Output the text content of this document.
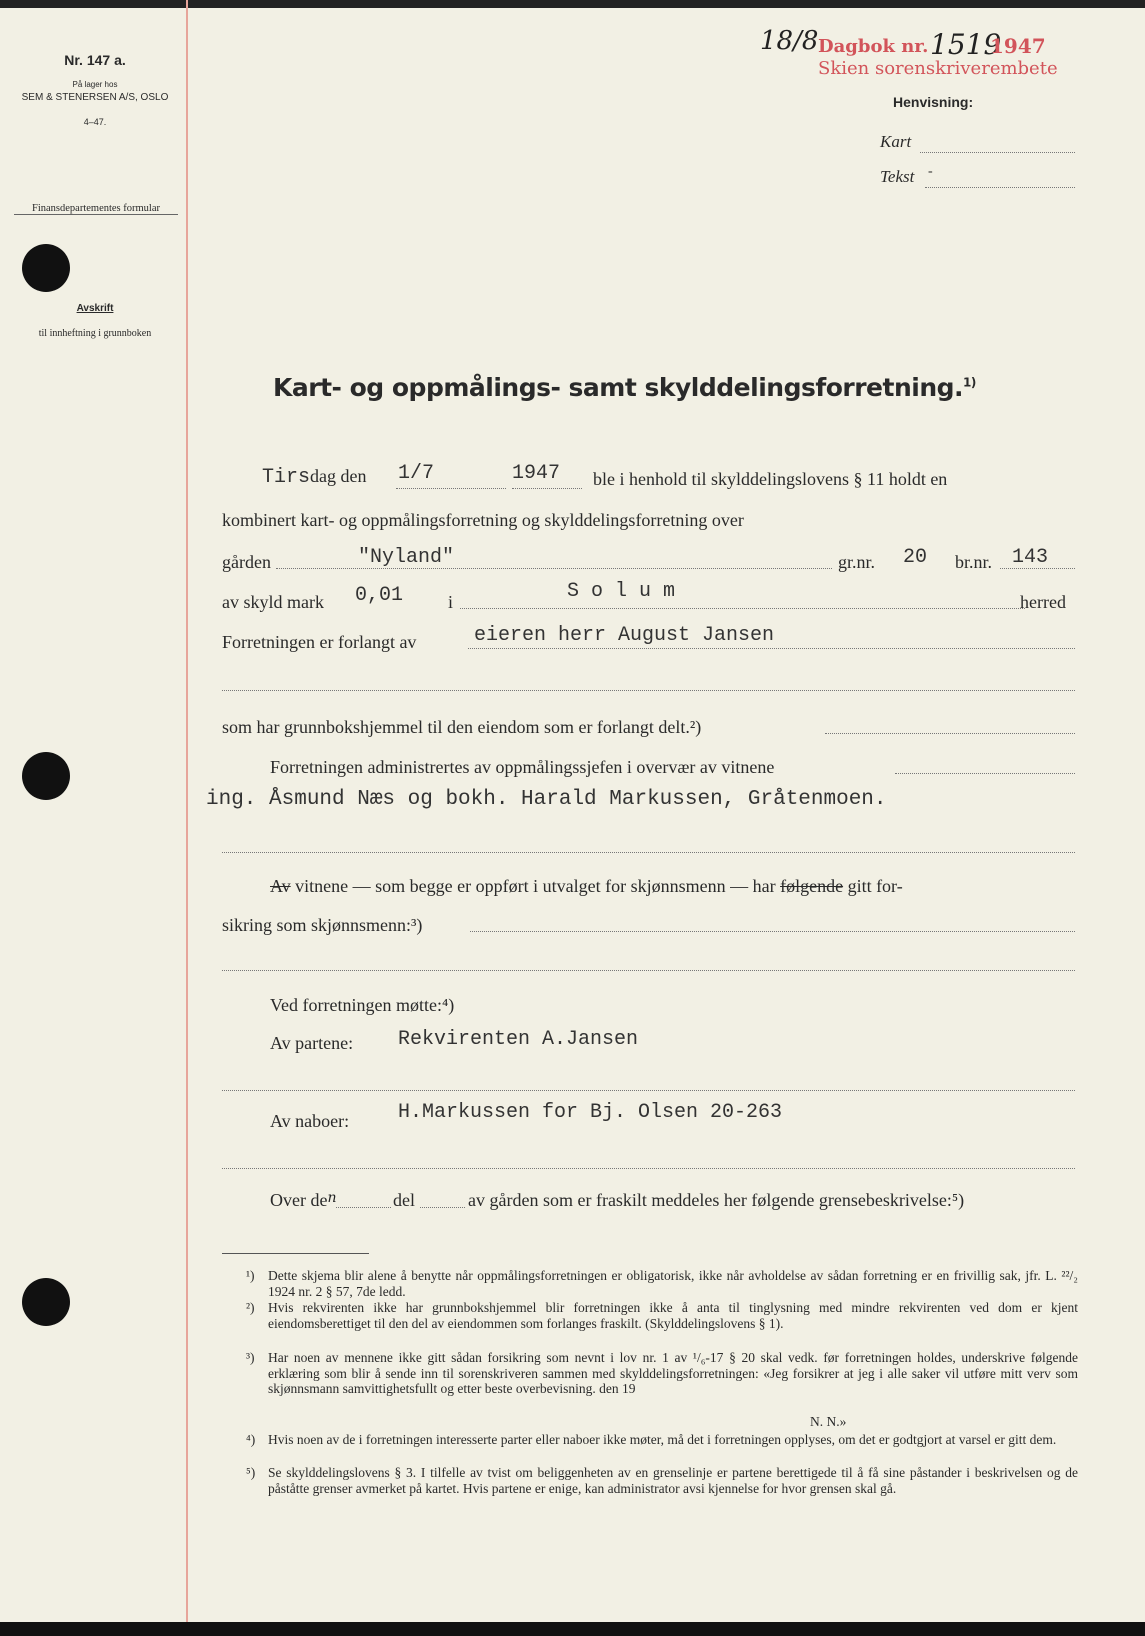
Nr. 147 a.
På lager hos
SEM & STENERSEN A/S, OSLO
4–47.
Finansdepartementes formular
Avskrift
til innheftning i grunnboken
18/8 Dagbok nr. 1519
1947
Skien sorenskriverembete
Henvisning:
Kart
Tekst -
Kart- og oppmålings- samt skylddelingsforretning.$^{1)}$
Tirsdag den 1/7	1947 ble i henhold til skylddelingslovens § 11 holdt en
kombinert kart- og oppmålingsforretning og skylddelingsforretning over
gården	"Nyland"	gr.nr. 20 br.nr. 143
av skyld mark 0,01 i	S o l u m	herred
Forretningen er forlangt av	eieren herr August Jansen
som har grunnbokshjemmel til den eiendom som er forlangt delt.²)
Forretningen administrertes av oppmålingssjefen i overvær av vitnene
ing. Åsmund Næs og bokh. Harald Markussen, Gråtenmoen.
Av vitnene — som begge er oppført i utvalget for skjønnsmenn — har følgende gitt for-
sikring som skjønnsmenn:³)
Ved forretningen møtte:⁴)
Av partene: Rekvirenten A.Jansen
Av naboer: H.Markussen for Bj. Olsen 20-263
Over $de^n$	del	av gården som er fraskilt meddeles her følgende grensebeskrivelse:⁵)
¹) Dette skjema blir alene å benytte når oppmålingsforretningen er obligatorisk, ikke når avholdelse av sådan forretning er en frivillig sak, jfr. L. ²²/₂ 1924 nr. 2 § 57, 7de ledd.
²) Hvis rekvirenten ikke har grunnbokshjemmel blir forretningen ikke å anta til tinglysning med mindre rekvirenten ved dom er kjent eiendomsberettiget til den del av eiendommen som forlanges fraskilt. (Skylddelingslovens § 1).
³) Har noen av mennene ikke gitt sådan forsikring som nevnt i lov nr. 1 av ¹/₆-17 § 20 skal vedk. før forretningen holdes, underskrive følgende erklæring som blir å sende inn til sorenskriveren sammen med skylddelingsforretningen: «Jeg forsikrer at jeg i alle saker vil utføre mitt verv som skjønnsmann samvittighetsfullt og etter beste overbevisning. den 19
N. N.»
⁴) Hvis noen av de i forretningen interesserte parter eller naboer ikke møter, må det i forretningen opplyses, om det er godtgjort at varsel er gitt dem.
⁵) Se skylddelingslovens § 3. I tilfelle av tvist om beliggenheten av en grenselinje er partene berettigede til å få sine påstander i beskrivelsen og de påståtte grenser avmerket på kartet. Hvis partene er enige, kan administrator avsi kjennelse for hvor grensen skal gå.
